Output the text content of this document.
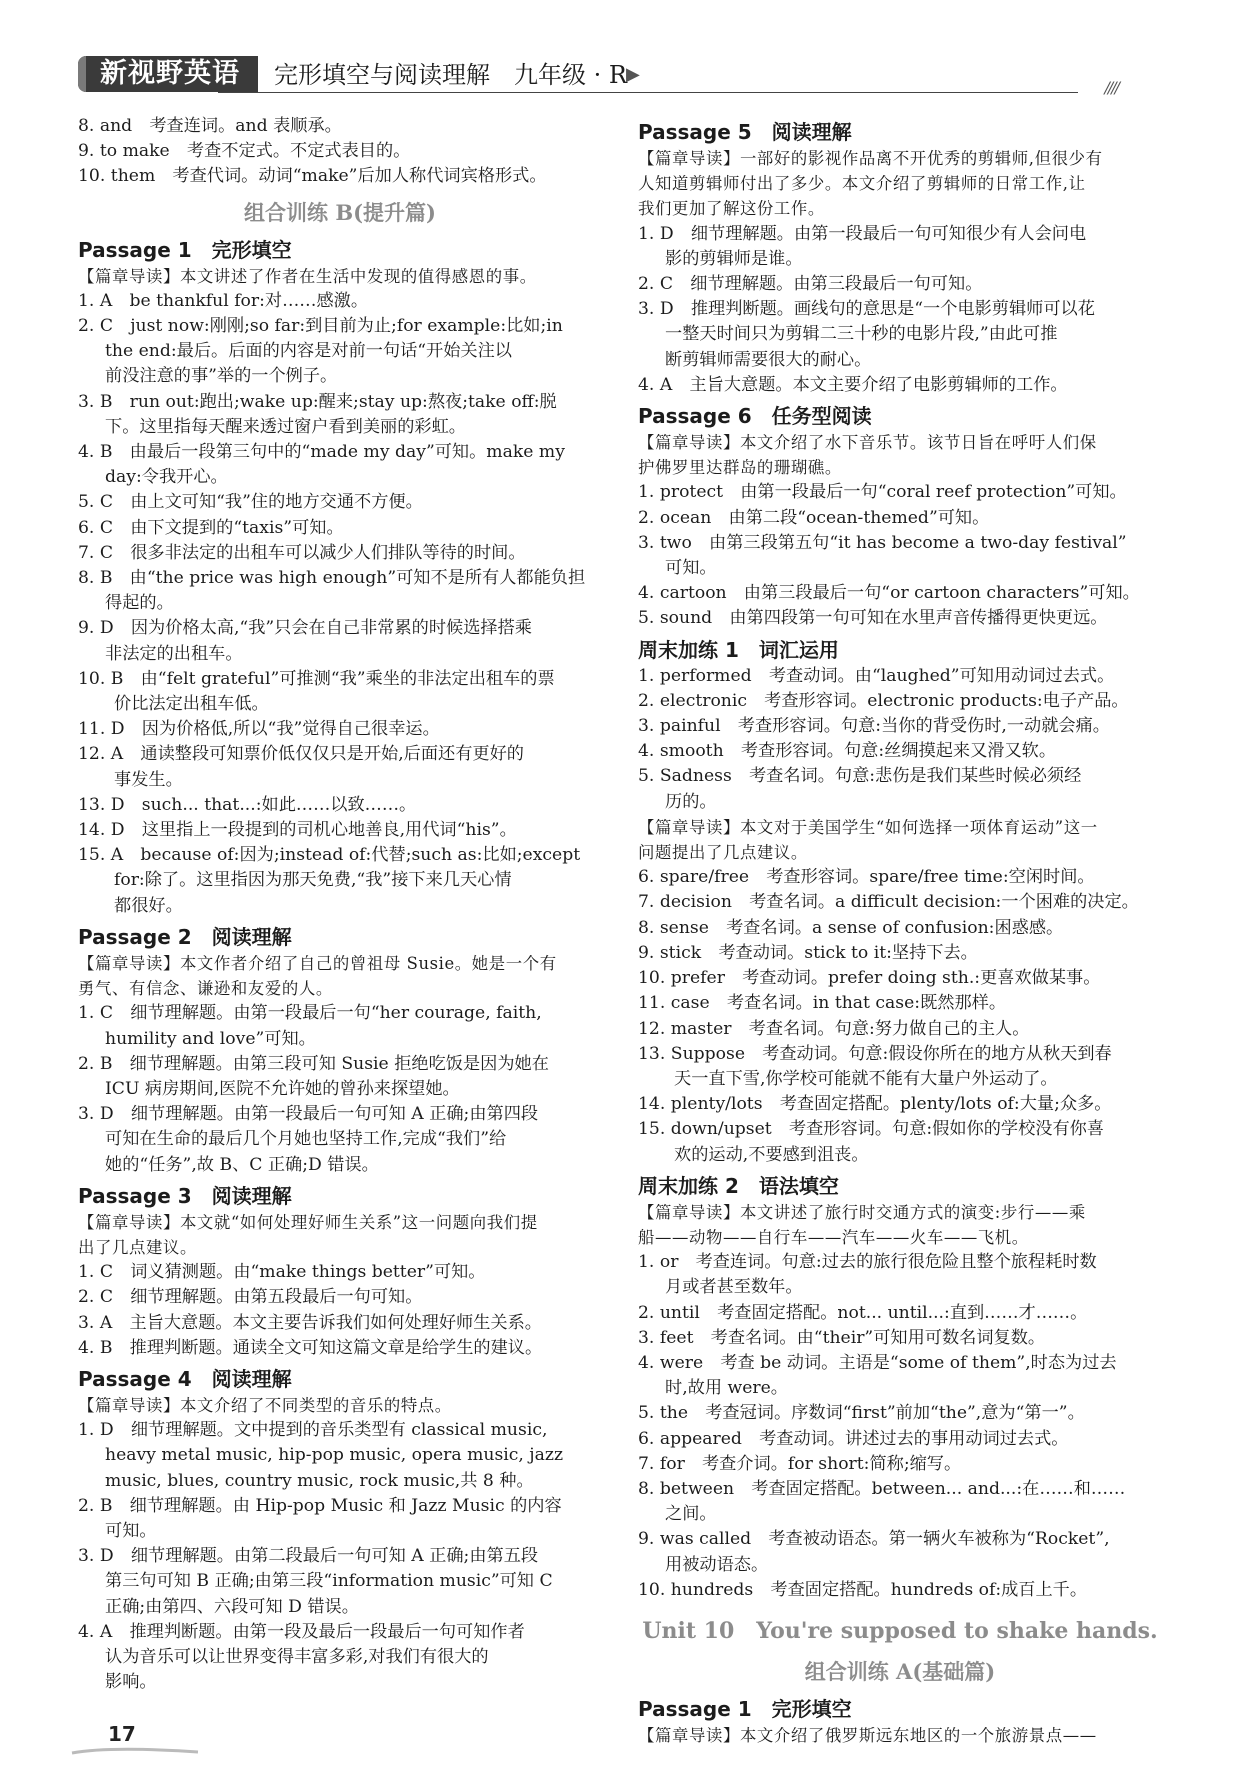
新视野英语	完形填空与阅读理解　九年级 · R ▶
////
8. and　考查连词。and 表顺承。
9. to make　考查不定式。不定式表目的。
10. them　考查代词。动词“make”后加人称代词宾格形式。
组合训练 B(提升篇)
Passage 1　完形填空
【篇章导读】本文讲述了作者在生活中发现的值得感恩的事。
1. A　be thankful for:对……感激。
2. C　just now:刚刚;so far:到目前为止;for example:比如;in
the end:最后。后面的内容是对前一句话“开始关注以
前没注意的事”举的一个例子。
3. B　run out:跑出;wake up:醒来;stay up:熬夜;take off:脱
下。这里指每天醒来透过窗户看到美丽的彩虹。
4. B　由最后一段第三句中的“made my day”可知。make my
day:令我开心。
5. C　由上文可知“我”住的地方交通不方便。
6. C　由下文提到的“taxis”可知。
7. C　很多非法定的出租车可以减少人们排队等待的时间。
8. B　由“the price was high enough”可知不是所有人都能负担
得起的。
9. D　因为价格太高,“我”只会在自己非常累的时候选择搭乘
非法定的出租车。
10. B　由“felt grateful”可推测“我”乘坐的非法定出租车的票
价比法定出租车低。
11. D　因为价格低,所以“我”觉得自己很幸运。
12. A　通读整段可知票价低仅仅只是开始,后面还有更好的
事发生。
13. D　such... that...:如此……以致……。
14. D　这里指上一段提到的司机心地善良,用代词“his”。
15. A　because of:因为;instead of:代替;such as:比如;except
for:除了。这里指因为那天免费,“我”接下来几天心情
都很好。
Passage 2　阅读理解
【篇章导读】本文作者介绍了自己的曾祖母 Susie。她是一个有
勇气、有信念、谦逊和友爱的人。
1. C　细节理解题。由第一段最后一句“her courage, faith,
humility and love”可知。
2. B　细节理解题。由第三段可知 Susie 拒绝吃饭是因为她在
ICU 病房期间,医院不允许她的曾孙来探望她。
3. D　细节理解题。由第一段最后一句可知 A 正确;由第四段
可知在生命的最后几个月她也坚持工作,完成“我们”给
她的“任务”,故 B、C 正确;D 错误。
Passage 3　阅读理解
【篇章导读】本文就“如何处理好师生关系”这一问题向我们提
出了几点建议。
1. C　词义猜测题。由“make things better”可知。
2. C　细节理解题。由第五段最后一句可知。
3. A　主旨大意题。本文主要告诉我们如何处理好师生关系。
4. B　推理判断题。通读全文可知这篇文章是给学生的建议。
Passage 4　阅读理解
【篇章导读】本文介绍了不同类型的音乐的特点。
1. D　细节理解题。文中提到的音乐类型有 classical music,
heavy metal music, hip-pop music, opera music, jazz
music, blues, country music, rock music,共 8 种。
2. B　细节理解题。由 Hip-pop Music 和 Jazz Music 的内容
可知。
3. D　细节理解题。由第二段最后一句可知 A 正确;由第五段
第三句可知 B 正确;由第三段“information music”可知 C
正确;由第四、六段可知 D 错误。
4. A　推理判断题。由第一段及最后一段最后一句可知作者
认为音乐可以让世界变得丰富多彩,对我们有很大的
影响。
Passage 5　阅读理解
【篇章导读】一部好的影视作品离不开优秀的剪辑师,但很少有
人知道剪辑师付出了多少。本文介绍了剪辑师的日常工作,让
我们更加了解这份工作。
1. D　细节理解题。由第一段最后一句可知很少有人会问电
影的剪辑师是谁。
2. C　细节理解题。由第三段最后一句可知。
3. D　推理判断题。画线句的意思是“一个电影剪辑师可以花
一整天时间只为剪辑二三十秒的电影片段,”由此可推
断剪辑师需要很大的耐心。
4. A　主旨大意题。本文主要介绍了电影剪辑师的工作。
Passage 6　任务型阅读
【篇章导读】本文介绍了水下音乐节。该节日旨在呼吁人们保
护佛罗里达群岛的珊瑚礁。
1. protect　由第一段最后一句“coral reef protection”可知。
2. ocean　由第二段“ocean-themed”可知。
3. two　由第三段第五句“it has become a two-day festival”
可知。
4. cartoon　由第三段最后一句“or cartoon characters”可知。
5. sound　由第四段第一句可知在水里声音传播得更快更远。
周末加练 1　词汇运用
1. performed　考查动词。由“laughed”可知用动词过去式。
2. electronic　考查形容词。electronic products:电子产品。
3. painful　考查形容词。句意:当你的背受伤时,一动就会痛。
4. smooth　考查形容词。句意:丝绸摸起来又滑又软。
5. Sadness　考查名词。句意:悲伤是我们某些时候必须经
历的。
【篇章导读】本文对于美国学生“如何选择一项体育运动”这一
问题提出了几点建议。
6. spare/free　考查形容词。spare/free time:空闲时间。
7. decision　考查名词。a difficult decision:一个困难的决定。
8. sense　考查名词。a sense of confusion:困惑感。
9. stick　考查动词。stick to it:坚持下去。
10. prefer　考查动词。prefer doing sth.:更喜欢做某事。
11. case　考查名词。in that case:既然那样。
12. master　考查名词。句意:努力做自己的主人。
13. Suppose　考查动词。句意:假设你所在的地方从秋天到春
天一直下雪,你学校可能就不能有大量户外运动了。
14. plenty/lots　考查固定搭配。plenty/lots of:大量;众多。
15. down/upset　考查形容词。句意:假如你的学校没有你喜
欢的运动,不要感到沮丧。
周末加练 2　语法填空
【篇章导读】本文讲述了旅行时交通方式的演变:步行——乘
船——动物——自行车——汽车——火车——飞机。
1. or　考查连词。句意:过去的旅行很危险且整个旅程耗时数
月或者甚至数年。
2. until　考查固定搭配。not... until...:直到……才……。
3. feet　考查名词。由“their”可知用可数名词复数。
4. were　考查 be 动词。主语是“some of them”,时态为过去
时,故用 were。
5. the　考查冠词。序数词“first”前加“the”,意为“第一”。
6. appeared　考查动词。讲述过去的事用动词过去式。
7. for　考查介词。for short:简称;缩写。
8. between　考查固定搭配。between... and...:在……和……
之间。
9. was called　考查被动语态。第一辆火车被称为“Rocket”,
用被动语态。
10. hundreds　考查固定搭配。hundreds of:成百上千。
Unit 10　You're supposed to shake hands.
组合训练 A(基础篇)
Passage 1　完形填空
【篇章导读】本文介绍了俄罗斯远东地区的一个旅游景点——
17
